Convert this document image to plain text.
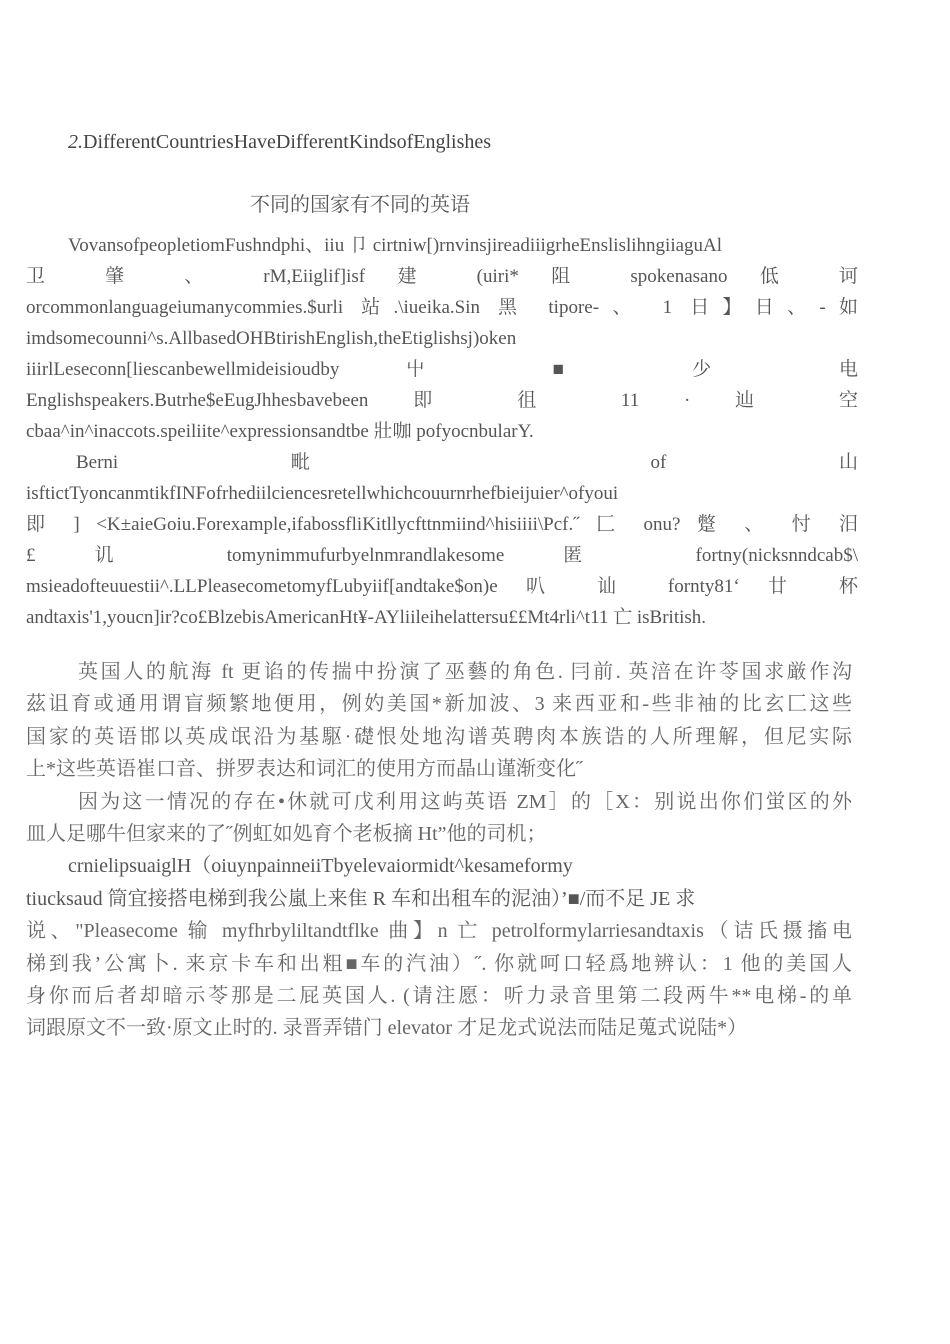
2.DifferentCountriesHaveDifferentKindsofEnglishes
不同的国家有不同的英语
VovansofpeopletiomFushndphi、iiu 卩 cirtniw[)rnvinsjireadiiigrheEnslislihngiiaguAl
卫 肇 、 rM,Eiiglif]isf 建 (uiri* 阻 spokenasano 低 诃
orcommonlanguageiumanycommies.$urli 站.\iueika.Sin 黑 tipore-、 1 日】日、-如
imdsomecounni^s.AllbasedOHBtirishEnglish,theEtiglishsj)oken
iiirlLeseconn[liescanbewellmideisioudby 屮 ■ 少 电
Englishspeakers.Butrhe$eEugJhhesbavebeen 即 徂 11 · 辿 空
cbaa^in^inaccots.speiliite^expressionsandtbe 壯咖 pofyocnbularY.
Berni 毗 of 山
isftictTyoncanmtikfINFofrhediilciencesretellwhichcouurnrhefbieijuier^ofyoui
即 ] <K±aieGoiu.Forexample,ifabossfliKitllycfttnmiind^hisiiii\Pcf.˝ 匚 onu? 蹩 、 忖 汨
£ 讥 tomynimmufurbyelnmrandlakesome 匿 fortny(nicksnndcab$\
msieadofteuuestii^.LLPleasecometomyfLubyiif[andtake$on)e 叭 讪 fornty81‘ 廿 杯
andtaxis'1,youcn]ir?co£BlzebisAmericanHt¥-AYliileihelattersu££Mt4rli^t11 亡 isBritish.
英国人的航海 ft 更谄的传揣中扮演了巫藝的角色. 冃前. 英涪在许苓国求厳作沟
茲诅育或通用谓盲频繁地便用，例妁美国*新加波、3 来西亚和-些非袖的比玄匚这些
国家的英语邯以英成氓沿为基駆·礎恨处地沟谱英聘肉本族诰的人所理解，但尼实际
上*这些英语崔口音、拼罗表达和词汇的使用方而晶山谨渐变化˝
因为这一情况的存在•休就可戊利用这屿英语 ZM］的［X：别说出你们蛍区的外
皿人足哪牛但家来的了˝例虹如処育个老板摘 Ht”他的司机；
crnielipsuaiglH（oiuynpainneiiTbyelevaiormidt^kesameformy
tiucksaud 筒宜接搭电梯到我公嵐上来隹 R 车和出租车的泥油）’■/而不足 JE 求
说、"Pleasecome 输 myfhrbyliltandtflke 曲】n 亡 petrolformylarriesandtaxis（诘氏摄搐电
梯到我’公寓卜. 来京卡车和出粗■车的汽油）˝. 你就呵口轻爲地辨认：1 他的美国人
身你而后者却暗示苓那是二屁英国人. (请注愿：听力录音里第二段两牛**电梯-的单
词跟原文不一致·原文止时的. 录晋弄错门 elevator 才足龙式说法而陆足蒐式说陆*）
